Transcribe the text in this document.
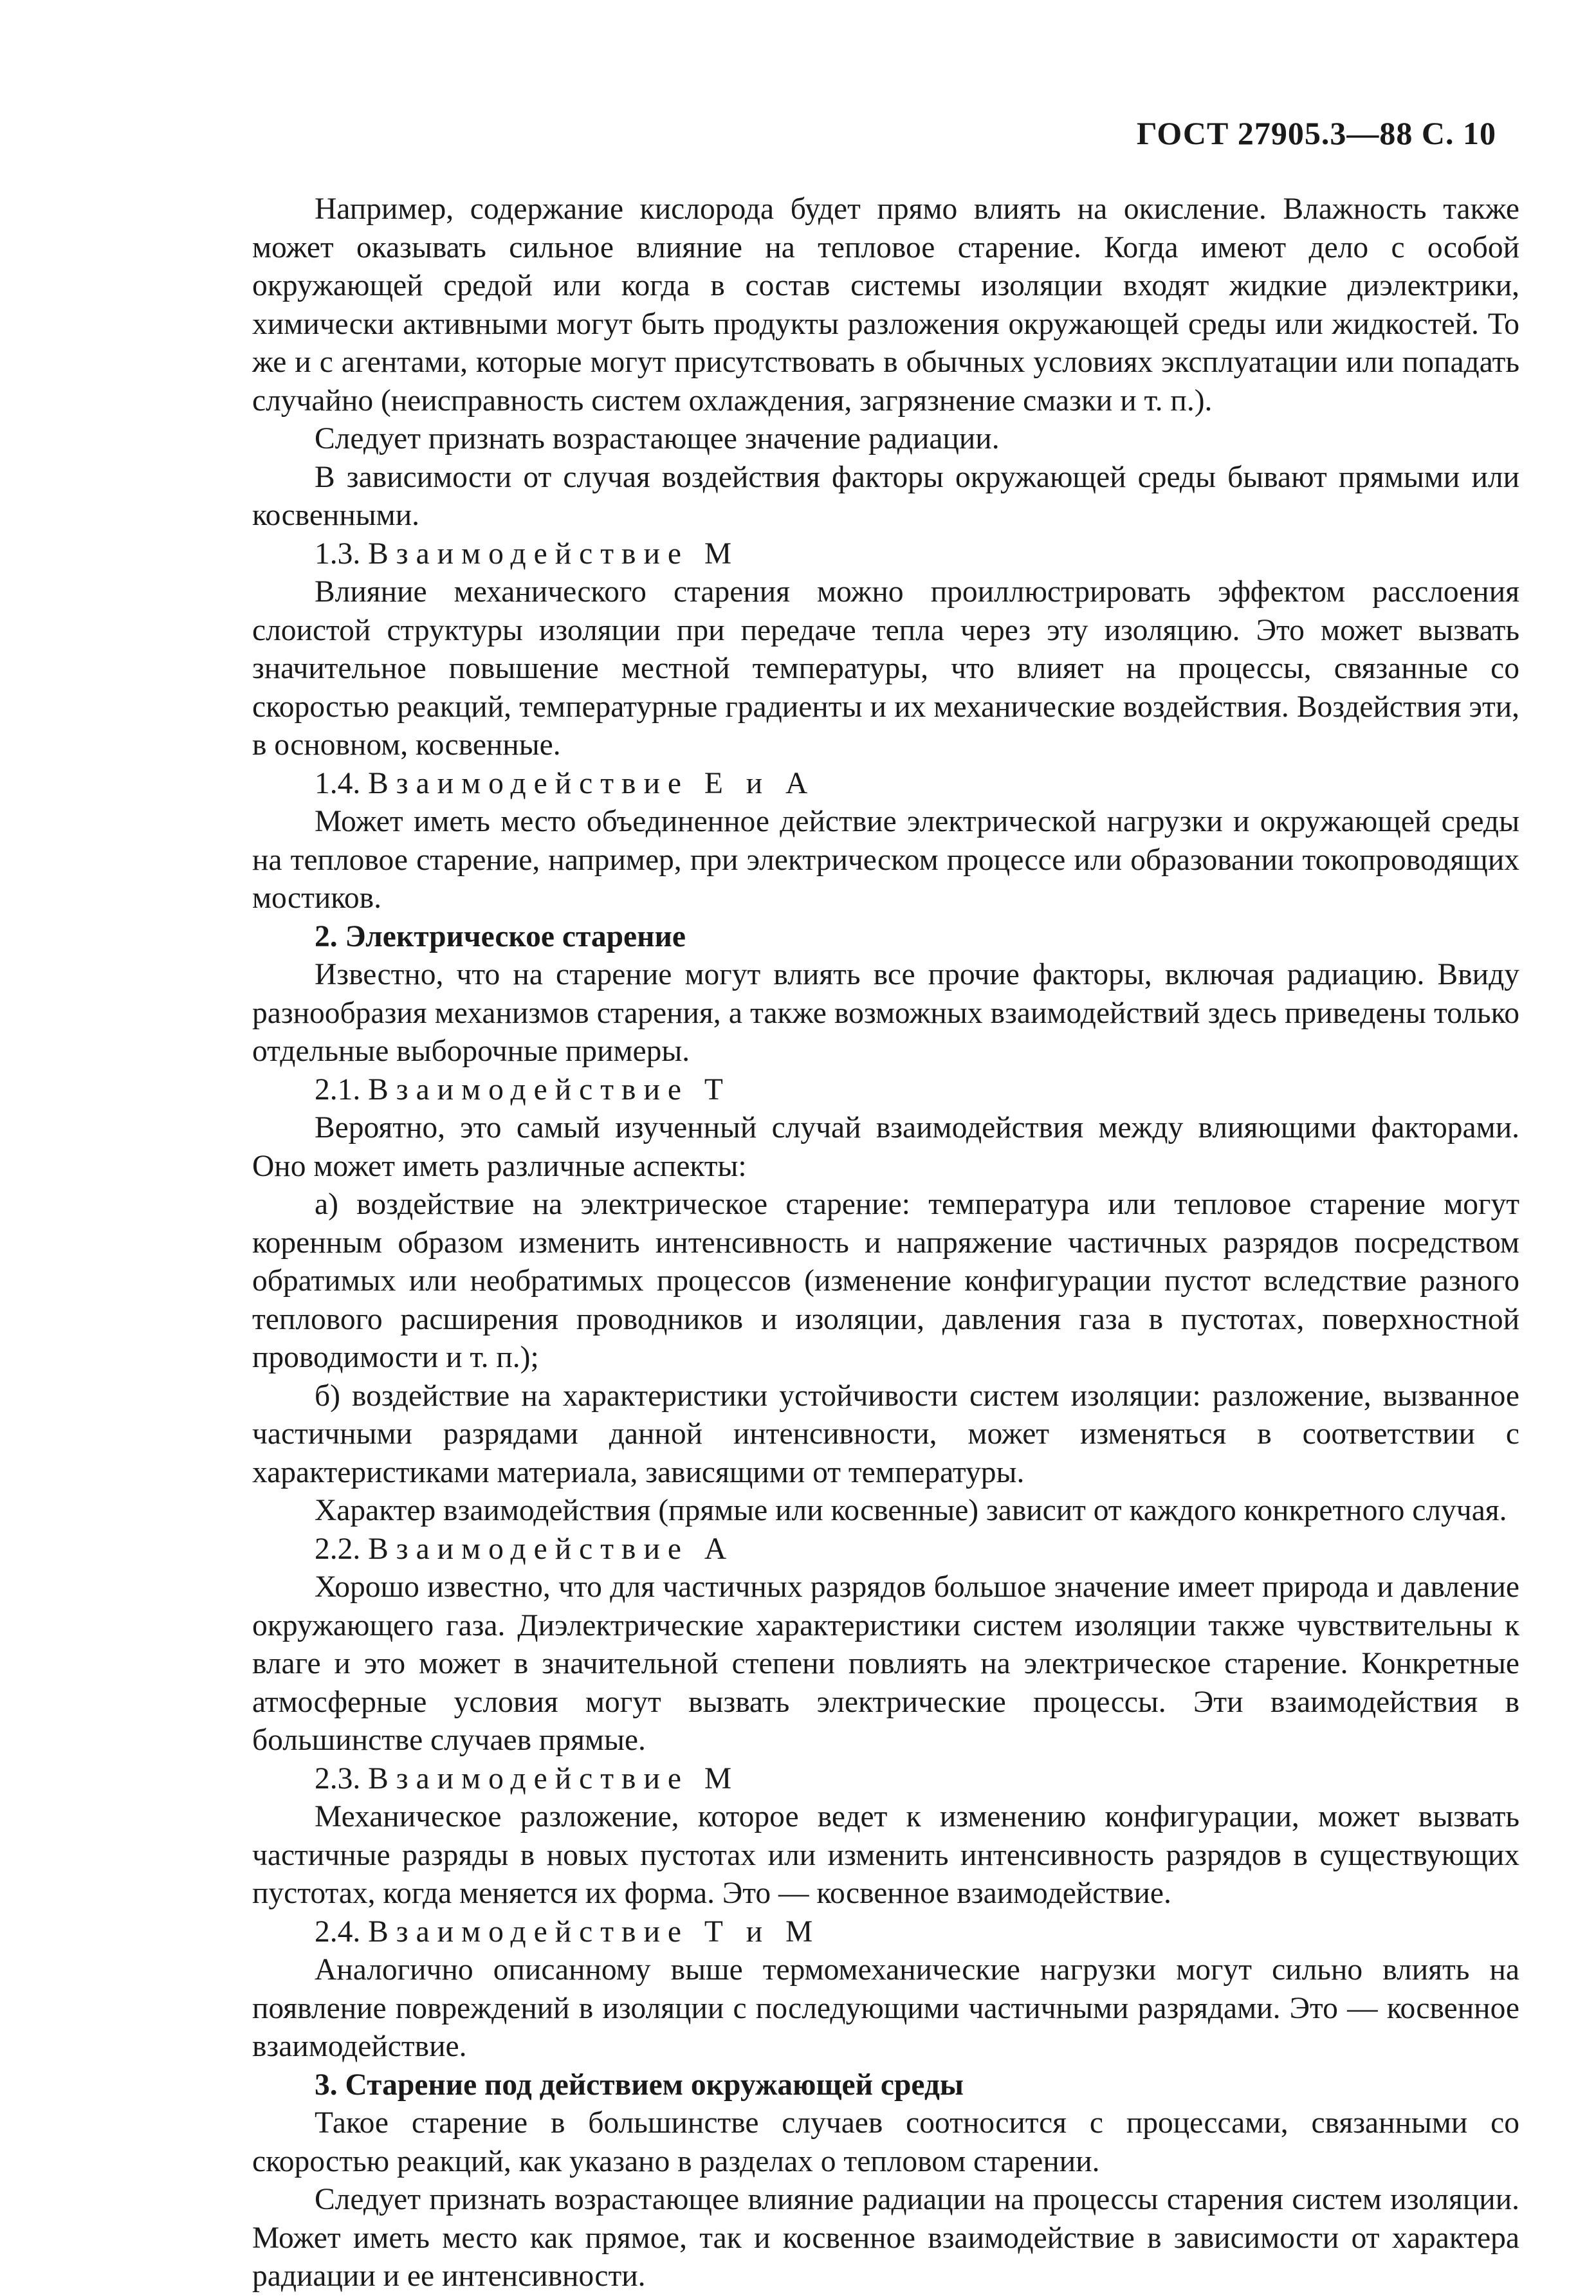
ГОСТ 27905.3—88 С. 10

Например, содержание кислорода будет прямо влиять на окисление. Влажность также может оказывать сильное влияние на тепловое старение. Когда имеют дело с особой окружающей средой или когда в состав системы изоляции входят жидкие диэлектрики, химически активными могут быть продукты разложения окружающей среды или жидкостей. То же и с агентами, которые могут присутствовать в обычных условиях эксплуатации или попадать случайно (неисправность систем охлаждения, загрязнение смазки и т. п.).

Следует признать возрастающее значение радиации.

В зависимости от случая воздействия факторы окружающей среды бывают прямыми или косвенными.

1.3. Взаимодействие М

Влияние механического старения можно проиллюстрировать эффектом расслоения слоистой структуры изоляции при передаче тепла через эту изоляцию. Это может вызвать значительное повышение местной температуры, что влияет на процессы, связанные со скоростью реакций, температурные градиенты и их механические воздействия. Воздействия эти, в основном, косвенные.

1.4. Взаимодействие Е и А

Может иметь место объединенное действие электрической нагрузки и окружающей среды на тепловое старение, например, при электрическом процессе или образовании токопроводящих мостиков.

2. Электрическое старение

Известно, что на старение могут влиять все прочие факторы, включая радиацию. Ввиду разнообразия механизмов старения, а также возможных взаимодействий здесь приведены только отдельные выборочные примеры.

2.1. Взаимодействие Т

Вероятно, это самый изученный случай взаимодействия между влияющими факторами. Оно может иметь различные аспекты:

а) воздействие на электрическое старение: температура или тепловое старение могут коренным образом изменить интенсивность и напряжение частичных разрядов посредством обратимых или необратимых процессов (изменение конфигурации пустот вследствие разного теплового расширения проводников и изоляции, давления газа в пустотах, поверхностной проводимости и т. п.);

б) воздействие на характеристики устойчивости систем изоляции: разложение, вызванное частичными разрядами данной интенсивности, может изменяться в соответствии с характеристиками материала, зависящими от температуры.

Характер взаимодействия (прямые или косвенные) зависит от каждого конкретного случая.

2.2. Взаимодействие А

Хорошо известно, что для частичных разрядов большое значение имеет природа и давление окружающего газа. Диэлектрические характеристики систем изоляции также чувствительны к влаге и это может в значительной степени повлиять на электрическое старение. Конкретные атмосферные условия могут вызвать электрические процессы. Эти взаимодействия в большинстве случаев прямые.

2.3. Взаимодействие М

Механическое разложение, которое ведет к изменению конфигурации, может вызвать частичные разряды в новых пустотах или изменить интенсивность разрядов в существующих пустотах, когда меняется их форма. Это — косвенное взаимодействие.

2.4. Взаимодействие Т и М

Аналогично описанному выше термомеханические нагрузки могут сильно влиять на появление повреждений в изоляции с последующими частичными разрядами. Это — косвенное взаимодействие.

3. Старение под действием окружающей среды

Такое старение в большинстве случаев соотносится с процессами, связанными со скоростью реакций, как указано в разделах о тепловом старении.

Следует признать возрастающее влияние радиации на процессы старения систем изоляции. Может иметь место как прямое, так и косвенное взаимодействие в зависимости от характера радиации и ее интенсивности.
